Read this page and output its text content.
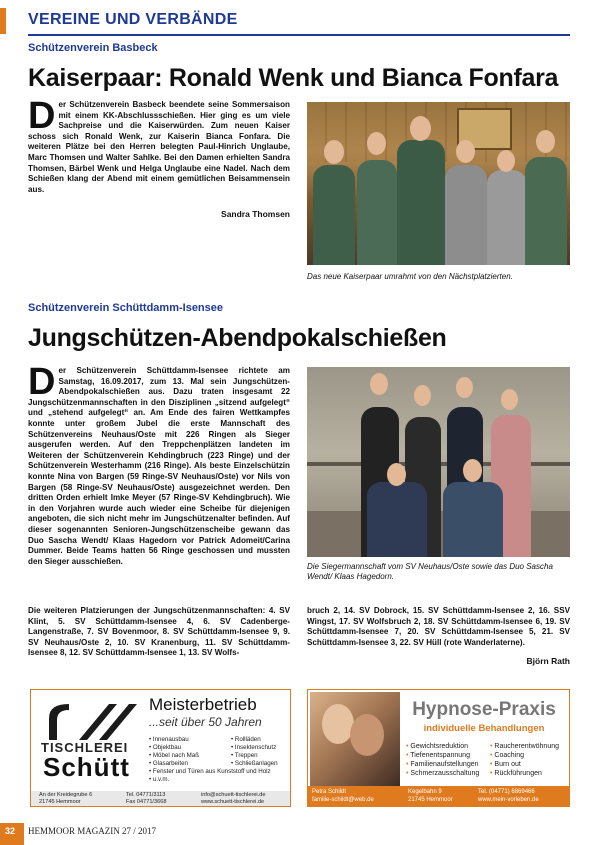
VEREINE UND VERBÄNDE
Schützenverein Basbeck
Kaiserpaar: Ronald Wenk und Bianca Fonfara
Der Schützenverein Basbeck beendete seine Sommersaison mit einem KK-Abschlussschießen. Hier ging es um viele Sachpreise und die Kaiserwürden. Zum neuen Kaiser schoss sich Ronald Wenk, zur Kaiserin Bianca Fonfara. Die weiteren Plätze bei den Herren belegten Paul-Hinrich Unglaube, Marc Thomsen und Walter Sahlke. Bei den Damen erhielten Sandra Thomsen, Bärbel Wenk und Helga Unglaube eine Nadel. Nach dem Schießen klang der Abend mit einem gemütlichen Beisammensein aus.
Sandra Thomsen
Das neue Kaiserpaar umrahmt von den Nächstplatzierten.
Schützenverein Schüttdamm-Isensee
Jungschützen-Abendpokalschießen
Der Schützenverein Schüttdamm-Isensee richtete am Samstag, 16.09.2017, zum 13. Mal sein Jungschützen-Abendpokalschießen aus. Dazu traten insgesamt 22 Jungschützenmannschaften in den Disziplinen „sitzend aufgelegt“ und „stehend aufgelegt“ an. Am Ende des fairen Wettkampfes konnte unter großem Jubel die erste Mannschaft des Schützenvereins Neuhaus/Oste mit 226 Ringen als Sieger ausgerufen werden. Auf den Treppchenplätzen landeten im Weiteren der Schützenverein Kehdingbruch (223 Ringe) und der Schützenverein Westerhamm (216 Ringe). Als beste Einzelschützin konnte Nina von Bargen (59 Ringe-SV Neuhaus/Oste) vor Nils von Bargen (58 Ringe-SV Neuhaus/Oste) ausgezeichnet werden. Den dritten Orden erhielt Imke Meyer (57 Ringe-SV Kehdingbruch). Wie in den Vorjahren wurde auch wieder eine Scheibe für diejenigen angeboten, die sich nicht mehr im Jungschützenalter befinden. Auf dieser sogenannten Senioren-Jungschützenscheibe gewann das Duo Sascha Wendt/ Klaas Hagedorn vor Patrick Adomeit/Carina Dummer. Beide Teams hatten 56 Ringe geschossen und mussten den Sieger ausschießen.
Die Siegermannschaft vom SV Neuhaus/Oste sowie das Duo Sascha Wendt/ Klaas Hagedorn.
Die weiteren Platzierungen der Jungschützenmannschaften: 4. SV Klint, 5. SV Schüttdamm-Isensee 4, 6. SV Cadenberge-Langenstraße, 7. SV Bovenmoor, 8. SV Schüttdamm-Isensee 9, 9. SV Neuhaus/Oste 2, 10. SV Kranenburg, 11. SV Schüttdamm-Isensee 8, 12. SV Schüttdamm-Isensee 1, 13. SV Wolfs-
bruch 2, 14. SV Dobrock, 15. SV Schüttdamm-Isensee 2, 16. SSV Wingst, 17. SV Wolfsbruch 2, 18. SV Schüttdamm-Isensee 6, 19. SV Schüttdamm-Isensee 7, 20. SV Schüttdamm-Isensee 5, 21. SV Schüttdamm-Isensee 3, 22. SV Hüll (rote Wanderlaterne).
Björn Rath
TISCHLEREI
Schütt
Meisterbetrieb
...seit über 50 Jahren
• Innenausbau
• Objektbau
• Möbel nach Maß
• Glasarbeiten
• Fenster und Türen aus Kunststoff und Holz
• u.v.m.
• Rollläden
• Insektenschutz
• Treppen
• Schließanlagen
An der Kreidegrube 6
21745 Hemmoor
Tel. 04771/3113
Fax 04771/3668
info@schuett-tischlerei.de
www.schuett-tischlerei.de
Hypnose-Praxis
individuelle Behandlungen
• Gewichtsreduktion
• Tiefenentspannung
• Familienaufstellungen
• Schmerzausschaltung
• Raucherentwöhnung
• Coaching
• Burn out
• Rückführungen
Petra Schildt
familie-schildt@web.de
Kegelbahn 9
21745 Hemmoor
Tel. (04771) 6869466
www.mein-vorleben.de
32 HEMMOOR MAGAZIN 27 / 2017
